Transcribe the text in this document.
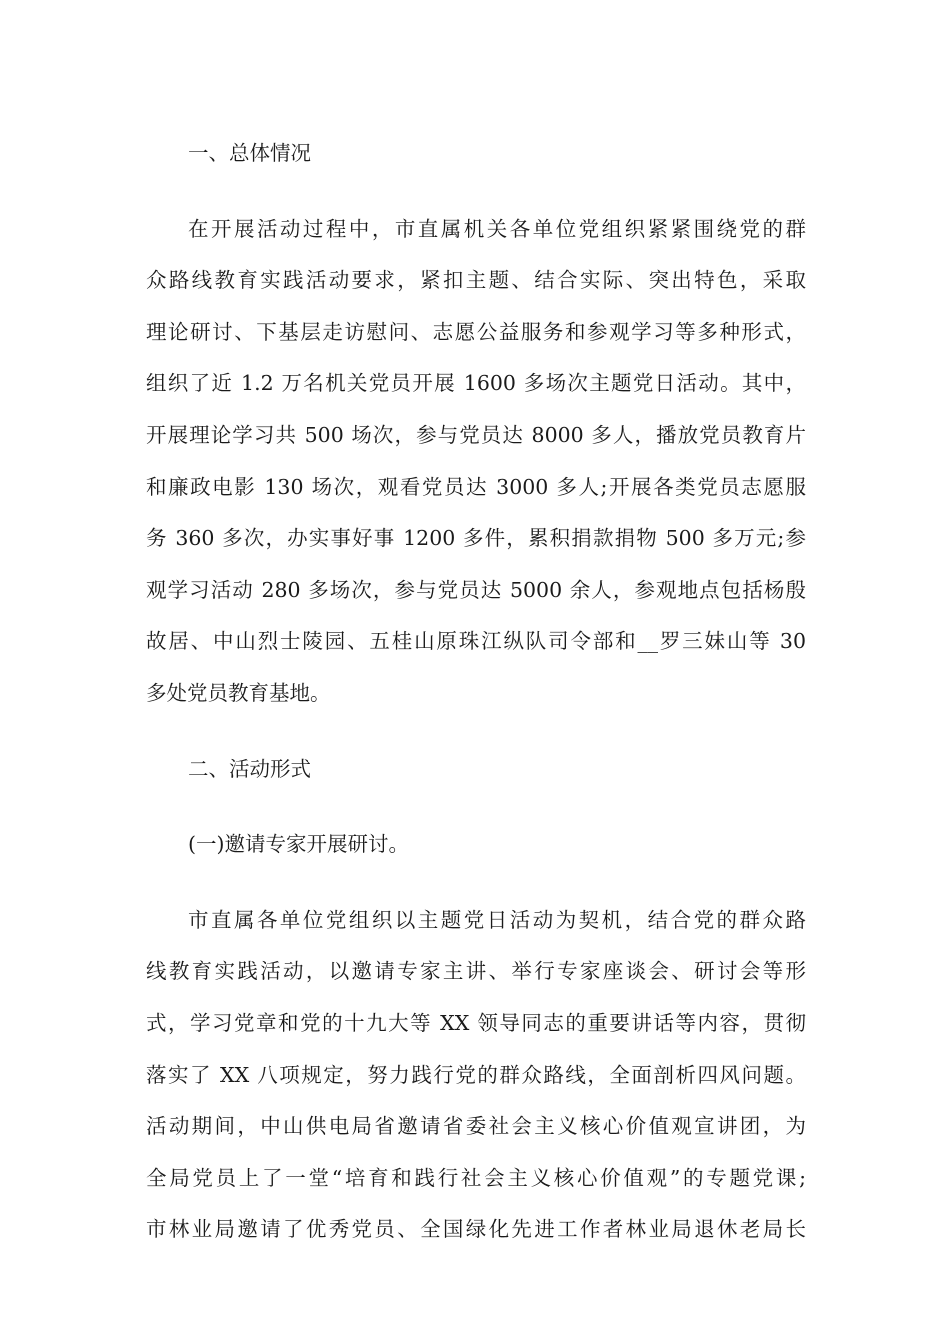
一、总体情况
在开展活动过程中，市直属机关各单位党组织紧紧围绕党的群
众路线教育实践活动要求，紧扣主题、结合实际、突出特色，采取
理论研讨、下基层走访慰问、志愿公益服务和参观学习等多种形式，
组织了近 1.2 万名机关党员开展 1600 多场次主题党日活动。其中，
开展理论学习共 500 场次，参与党员达 8000 多人，播放党员教育片
和廉政电影 130 场次，观看党员达 3000 多人;开展各类党员志愿服
务 360 多次，办实事好事 1200 多件，累积捐款捐物 500 多万元;参
观学习活动 280 多场次，参与党员达 5000 余人，参观地点包括杨殷
故居、中山烈士陵园、五桂山原珠江纵队司令部和__罗三妹山等 30
多处党员教育基地。
二、活动形式
(一)邀请专家开展研讨。
市直属各单位党组织以主题党日活动为契机，结合党的群众路
线教育实践活动，以邀请专家主讲、举行专家座谈会、研讨会等形
式，学习党章和党的十九大等 XX 领导同志的重要讲话等内容，贯彻
落实了 XX 八项规定，努力践行党的群众路线，全面剖析四风问题。
活动期间，中山供电局省邀请省委社会主义核心价值观宣讲团，为
全局党员上了一堂“培育和践行社会主义核心价值观”的专题党课;
市林业局邀请了优秀党员、全国绿化先进工作者林业局退休老局长
